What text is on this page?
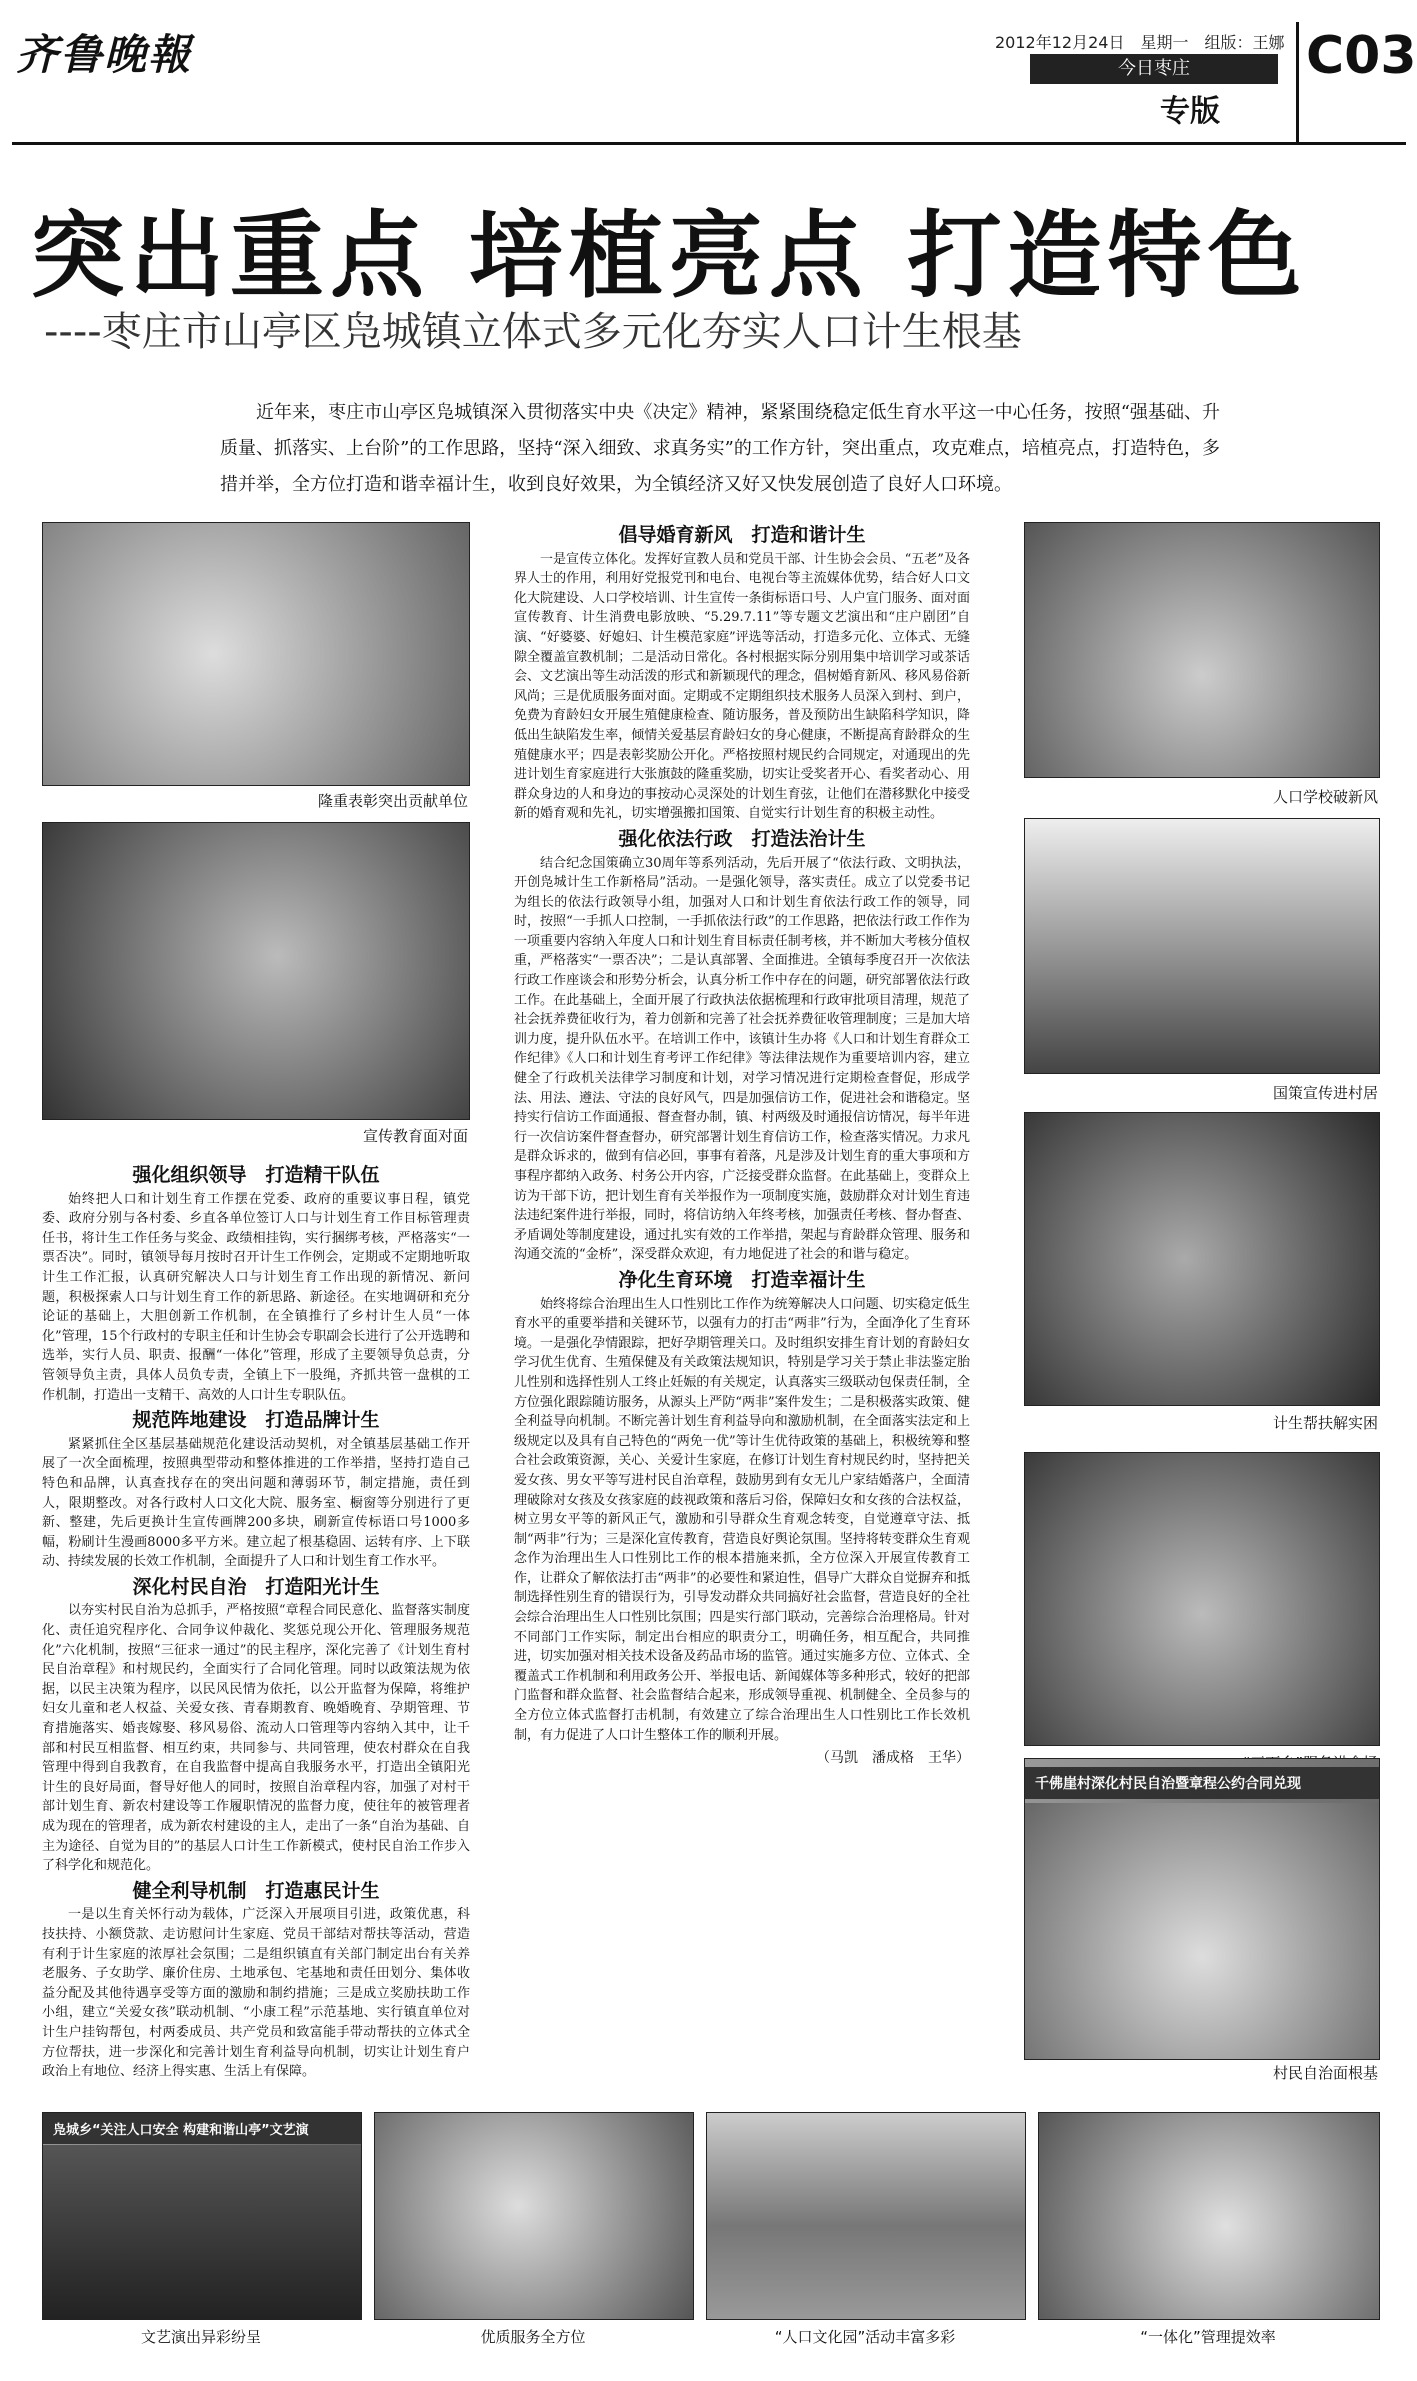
齐鲁晚報	2012年12月24日　星期一　组版：王娜
今日枣庄
专版
C03
突出重点 培植亮点 打造特色
----枣庄市山亭区凫城镇立体式多元化夯实人口计生根基
近年来，枣庄市山亭区凫城镇深入贯彻落实中央《决定》精神，紧紧围绕稳定低生育水平这一中心任务，按照“强基础、升质量、抓落实、上台阶”的工作思路，坚持“深入细致、求真务实”的工作方针，突出重点，攻克难点，培植亮点，打造特色，多措并举，全方位打造和谐幸福计生，收到良好效果，为全镇经济又好又快发展创造了良好人口环境。
隆重表彰突出贡献单位
宣传教育面对面
强化组织领导　打造精干队伍

始终把人口和计划生育工作摆在党委、政府的重要议事日程，镇党委、政府分别与各村委、乡直各单位签订人口与计划生育工作目标管理责任书，将计生工作任务与奖金、政绩相挂钩，实行捆绑考核，严格落实“一票否决”。同时，镇领导每月按时召开计生工作例会，定期或不定期地听取计生工作汇报，认真研究解决人口与计划生育工作出现的新情况、新问题，积极探索人口与计划生育工作的新思路、新途径。在实地调研和充分论证的基础上，大胆创新工作机制，在全镇推行了乡村计生人员“一体化”管理，15个行政村的专职主任和计生协会专职副会长进行了公开选聘和选举，实行人员、职责、报酬“一体化”管理，形成了主要领导负总责，分管领导负主责，具体人员负专责，全镇上下一股绳，齐抓共管一盘棋的工作机制，打造出一支精干、高效的人口计生专职队伍。

规范阵地建设　打造品牌计生

紧紧抓住全区基层基础规范化建设活动契机，对全镇基层基础工作开展了一次全面梳理，按照典型带动和整体推进的工作举措，坚持打造自己特色和品牌，认真查找存在的突出问题和薄弱环节，制定措施，责任到人，限期整改。对各行政村人口文化大院、服务室、橱窗等分别进行了更新、整建，先后更换计生宣传画牌200多块，刷新宣传标语口号1000多幅，粉刷计生漫画8000多平方米。建立起了根基稳固、运转有序、上下联动、持续发展的长效工作机制，全面提升了人口和计划生育工作水平。

深化村民自治　打造阳光计生

以夯实村民自治为总抓手，严格按照“章程合同民意化、监督落实制度化、责任追究程序化、合同争议仲裁化、奖惩兑现公开化、管理服务规范化”六化机制，按照“三征求一通过”的民主程序，深化完善了《计划生育村民自治章程》和村规民约，全面实行了合同化管理。同时以政策法规为依据，以民主决策为程序，以民风民情为依托，以公开监督为保障，将维护妇女儿童和老人权益、关爱女孩、青春期教育、晚婚晚育、孕期管理、节育措施落实、婚丧嫁娶、移风易俗、流动人口管理等内容纳入其中，让千部和村民互相监督、相互约束，共同参与、共同管理，使农村群众在自我管理中得到自我教育，在自我监督中提高自我服务水平，打造出全镇阳光计生的良好局面，督导好他人的同时，按照自治章程内容，加强了对村干部计划生育、新农村建设等工作履职情况的监督力度，使往年的被管理者成为现在的管理者，成为新农村建设的主人，走出了一条“自治为基础、自主为途径、自觉为目的”的基层人口计生工作新模式，使村民自治工作步入了科学化和规范化。

健全利导机制　打造惠民计生

一是以生育关怀行动为载体，广泛深入开展项目引进，政策优惠，科技扶持、小额贷款、走访慰问计生家庭、党员干部结对帮扶等活动，营造有利于计生家庭的浓厚社会氛围；二是组织镇直有关部门制定出台有关养老服务、子女助学、廉价住房、土地承包、宅基地和责任田划分、集体收益分配及其他待遇享受等方面的激励和制约措施；三是成立奖励扶助工作小组，建立“关爱女孩”联动机制、“小康工程”示范基地、实行镇直单位对计生户挂钩帮包，村两委成员、共产党员和致富能手带动帮扶的立体式全方位帮扶，进一步深化和完善计划生育利益导向机制，切实让计划生育户政治上有地位、经济上得实惠、生活上有保障。

倡导婚育新风　打造和谐计生

一是宣传立体化。发挥好宣教人员和党员干部、计生协会会员、“五老”及各界人士的作用，利用好党报党刊和电台、电视台等主流媒体优势，结合好人口文化大院建设、人口学校培训、计生宣传一条街标语口号、人户宣门服务、面对面宣传教育、计生消费电影放映、“5.29.7.11”等专题文艺演出和“庄户剧团”自演、“好婆婆、好媳妇、计生模范家庭”评选等活动，打造多元化、立体式、无缝隙全覆盖宣教机制；二是活动日常化。各村根据实际分别用集中培训学习或茶话会、文艺演出等生动活泼的形式和新颖现代的理念，倡树婚育新风、移风易俗新风尚；三是优质服务面对面。定期或不定期组织技术服务人员深入到村、到户，免费为育龄妇女开展生殖健康检查、随访服务，普及预防出生缺陷科学知识，降低出生缺陷发生率，倾情关爱基层育龄妇女的身心健康，不断提高育龄群众的生殖健康水平；四是表彰奖励公开化。严格按照村规民约合同规定，对通现出的先进计划生育家庭进行大张旗鼓的隆重奖励，切实让受奖者开心、看奖者动心、用群众身边的人和身边的事按动心灵深处的计划生育弦，让他们在潜移默化中接受新的婚育观和先礼，切实增强搬扣国策、自觉实行计划生育的积极主动性。

强化依法行政　打造法治计生

结合纪念国策确立30周年等系列活动，先后开展了“依法行政、文明执法，开创凫城计生工作新格局”活动。一是强化领导，落实责任。成立了以党委书记为组长的依法行政领导小组，加强对人口和计划生育依法行政工作的领导，同时，按照“一手抓人口控制，一手抓依法行政”的工作思路，把依法行政工作作为一项重要内容纳入年度人口和计划生育目标责任制考核，并不断加大考核分值权重，严格落实“一票否决”；二是认真部署、全面推进。全镇每季度召开一次依法行政工作座谈会和形势分析会，认真分析工作中存在的问题，研究部署依法行政工作。在此基础上，全面开展了行政执法依据梳理和行政审批项目清理，规范了社会抚养费征收行为，着力创新和完善了社会抚养费征收管理制度；三是加大培训力度，提升队伍水平。在培训工作中，该镇计生办将《人口和计划生育群众工作纪律》《人口和计划生育考评工作纪律》等法律法规作为重要培训内容，建立健全了行政机关法律学习制度和计划，对学习情况进行定期检查督促，形成学法、用法、遵法、守法的良好风气，四是加强信访工作，促进社会和谐稳定。坚持实行信访工作面通报、督查督办制，镇、村两级及时通报信访情况，每半年进行一次信访案件督查督办，研究部署计划生育信访工作，检查落实情况。力求凡是群众诉求的，做到有信必回，事事有着落，凡是涉及计划生育的重大事项和方事程序都纳入政务、村务公开内容，广泛接受群众监督。在此基础上，变群众上访为干部下访，把计划生育有关举报作为一项制度实施，鼓励群众对计划生育违法违纪案件进行举报，同时，将信访纳入年终考核，加强责任考核、督办督查、矛盾调处等制度建设，通过扎实有效的工作举措，架起与育龄群众管理、服务和沟通交流的“金桥”，深受群众欢迎，有力地促进了社会的和谐与稳定。

净化生育环境　打造幸福计生

始终将综合治理出生人口性别比工作作为统筹解决人口问题、切实稳定低生育水平的重要举措和关键环节，以强有力的打击“两非”行为，全面净化了生育环境。一是强化孕情跟踪，把好孕期管理关口。及时组织安排生育计划的育龄妇女学习优生优育、生殖保健及有关政策法规知识，特别是学习关于禁止非法鉴定胎儿性别和选择性别人工终止妊娠的有关规定，认真落实三级联动包保责任制，全方位强化跟踪随访服务，从源头上严防“两非”案件发生；二是积极落实政策、健全利益导向机制。不断完善计划生育利益导向和激励机制，在全面落实法定和上级规定以及具有自己特色的“两免一优”等计生优待政策的基础上，积极统筹和整合社会政策资源，关心、关爱计生家庭，在修订计划生育村规民约时，坚持把关爱女孩、男女平等写进村民自治章程，鼓励男到有女无儿户家结婚落户，全面清理破除对女孩及女孩家庭的歧视政策和落后习俗，保障妇女和女孩的合法权益，树立男女平等的新风正气，激励和引导群众生育观念转变，自觉遵章守法、抵制“两非”行为；三是深化宣传教育，营造良好舆论氛围。坚持将转变群众生育观念作为治理出生人口性别比工作的根本措施来抓，全方位深入开展宣传教育工作，让群众了解依法打击“两非”的必要性和紧迫性，倡导广大群众自觉摒弃和抵制选择性别生育的错误行为，引导发动群众共同搞好社会监督，营造良好的全社会综合治理出生人口性别比氛围；四是实行部门联动，完善综合治理格局。针对不同部门工作实际，制定出台相应的职责分工，明确任务，相互配合，共同推进，切实加强对相关技术设备及药品市场的监管。通过实施多方位、立体式、全覆盖式工作机制和利用政务公开、举报电话、新闻媒体等多种形式，较好的把部门监督和群众监督、社会监督结合起来，形成领导重视、机制健全、全员参与的全方位立体式监督打击机制，有效建立了综合治理出生人口性别比工作长效机制，有力促进了人口计生整体工作的顺利开展。

（马凯　潘成格　王华）
人口学校破新风
国策宣传进村居
计生帮扶解实困
千佛崖村深化村民自治暨章程公约合同兑现
村民自治面根基
凫城乡“关注人口安全 构建和谐山亭”文艺演
文艺演出异彩纷呈	优质服务全方位	“人口文化园”活动丰富多彩	“一体化”管理提效率
